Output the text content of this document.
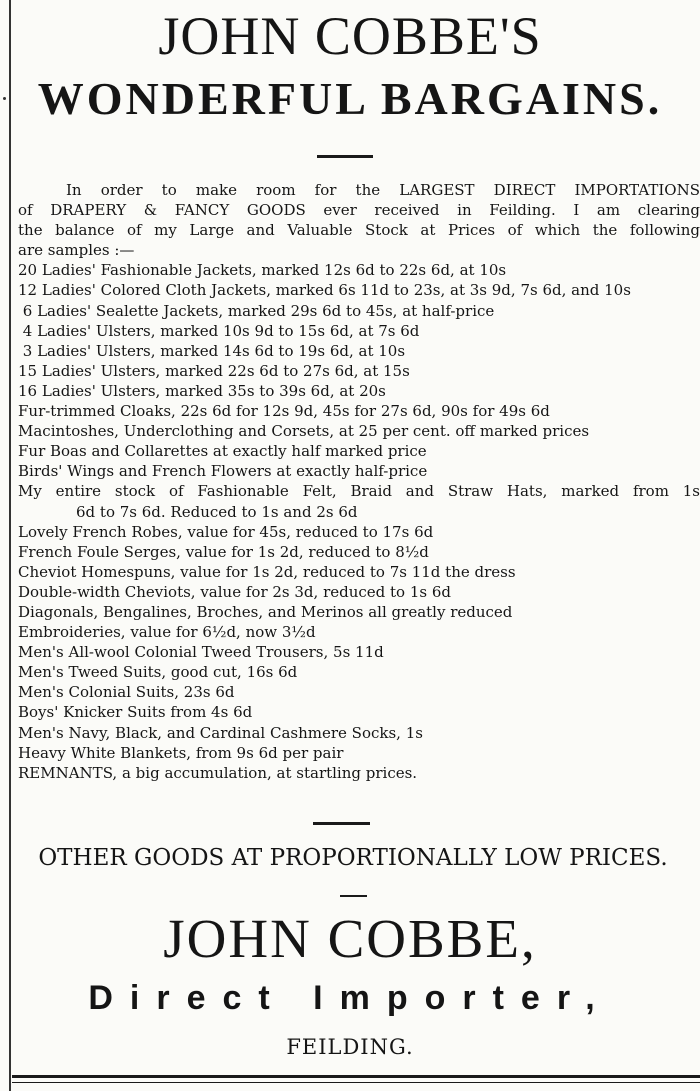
JOHN COBBE'S
WONDERFUL BARGAINS.
In order to make room for the LARGEST DIRECT IMPORTATIONS
of DRAPERY & FANCY GOODS ever received in Feilding. I am clearing
the balance of my Large and Valuable Stock at Prices of which the following
are samples :—
20 Ladies' Fashionable Jackets, marked 12s 6d to 22s 6d, at 10s
12 Ladies' Colored Cloth Jackets, marked 6s 11d to 23s, at 3s 9d, 7s 6d, and 10s
6 Ladies' Sealette Jackets, marked 29s 6d to 45s, at half-price
4 Ladies' Ulsters, marked 10s 9d to 15s 6d, at 7s 6d
3 Ladies' Ulsters, marked 14s 6d to 19s 6d, at 10s
15 Ladies' Ulsters, marked 22s 6d to 27s 6d, at 15s
16 Ladies' Ulsters, marked 35s to 39s 6d, at 20s
Fur-trimmed Cloaks, 22s 6d for 12s 9d, 45s for 27s 6d, 90s for 49s 6d
Macintoshes, Underclothing and Corsets, at 25 per cent. off marked prices
Fur Boas and Collarettes at exactly half marked price
Birds' Wings and French Flowers at exactly half-price
My entire stock of Fashionable Felt, Braid and Straw Hats, marked from 1s
6d to 7s 6d. Reduced to 1s and 2s 6d
Lovely French Robes, value for 45s, reduced to 17s 6d
French Foule Serges, value for 1s 2d, reduced to 8½d
Cheviot Homespuns, value for 1s 2d, reduced to 7s 11d the dress
Double-width Cheviots, value for 2s 3d, reduced to 1s 6d
Diagonals, Bengalines, Broches, and Merinos all greatly reduced
Embroideries, value for 6½d, now 3½d
Men's All-wool Colonial Tweed Trousers, 5s 11d
Men's Tweed Suits, good cut, 16s 6d
Men's Colonial Suits, 23s 6d
Boys' Knicker Suits from 4s 6d
Men's Navy, Black, and Cardinal Cashmere Socks, 1s
Heavy White Blankets, from 9s 6d per pair
REMNANTS, a big accumulation, at startling prices.
OTHER GOODS AT PROPORTIONALLY LOW PRICES.
JOHN COBBE,
Direct Importer,
FEILDING.
